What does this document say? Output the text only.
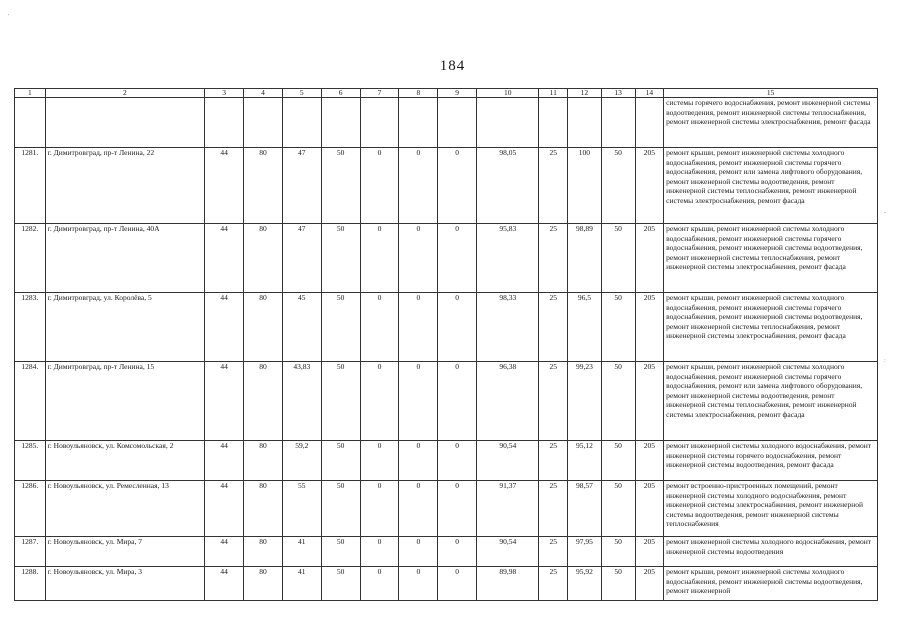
184
'
-
:
1	2	3	4	5	6	7	8	9	10	11	12	13	14	15
														системы горячего водоснабжения, ремонт инженерной системы водоотведения, ремонт инженерной системы теплоснабжения, ремонт инженерной системы электроснабжения, ремонт фасада
1281.	г. Димитровград, пр-т Ленина, 22	44	80	47	50	0	0	0	98,05	25	100	50	205	ремонт крыши, ремонт инженерной системы холодного водоснабжения, ремонт инженерной системы горячего водоснабжения, ремонт или замена лифтового оборудования, ремонт инженерной системы водоотведения, ремонт инженерной системы теплоснабжения, ремонт инженерной системы электроснабжения, ремонт фасада
1282.	г. Димитровград, пр-т Ленина, 40А	44	80	47	50	0	0	0	95,83	25	98,89	50	205	ремонт крыши, ремонт инженерной системы холодного водоснабжения, ремонт инженерной системы горячего водоснабжения, ремонт инженерной системы водоотведения, ремонт инженерной системы теплоснабжения, ремонт инженерной системы электроснабжения, ремонт фасада
1283.	г. Димитровград, ул. Королёва, 5	44	80	45	50	0	0	0	98,33	25	96,5	50	205	ремонт крыши, ремонт инженерной системы холодного водоснабжения, ремонт инженерной системы горячего водоснабжения, ремонт инженерной системы водоотведения, ремонт инженерной системы теплоснабжения, ремонт инженерной системы электроснабжения, ремонт фасада
1284.	г. Димитровград, пр-т Ленина, 15	44	80	43,83	50	0	0	0	96,38	25	99,23	50	205	ремонт крыши, ремонт инженерной системы холодного водоснабжения, ремонт инженерной системы горячего водоснабжения, ремонт или замена лифтового оборудования, ремонт инженерной системы водоотведения, ремонт инженерной системы теплоснабжения, ремонт инженерной системы электроснабжения, ремонт фасада
1285.	г. Новоульяновск, ул. Комсомольская, 2	44	80	59,2	50	0	0	0	90,54	25	95,12	50	205	ремонт инженерной системы холодного водоснабжения, ремонт инженерной системы горячего водоснабжения, ремонт инженерной системы водоотведения, ремонт фасада
1286.	г. Новоульяновск, ул. Ремесленная, 13	44	80	55	50	0	0	0	91,37	25	98,57	50	205	ремонт встроенно-пристроенных помещений, ремонт инженерной системы холодного водоснабжения, ремонт инженерной системы электроснабжения, ремонт инженерной системы водоотведения, ремонт инженерной системы теплоснабжения
1287.	г. Новоульяновск, ул. Мира, 7	44	80	41	50	0	0	0	90,54	25	97,95	50	205	ремонт инженерной системы холодного водоснабжения, ремонт инженерной системы водоотведения
1288.	г. Новоульяновск, ул. Мира, 3	44	80	41	50	0	0	0	89,98	25	95,92	50	205	ремонт крыши, ремонт инженерной системы холодного водоснабжения, ремонт инженерной системы водоотведения, ремонт инженерной
